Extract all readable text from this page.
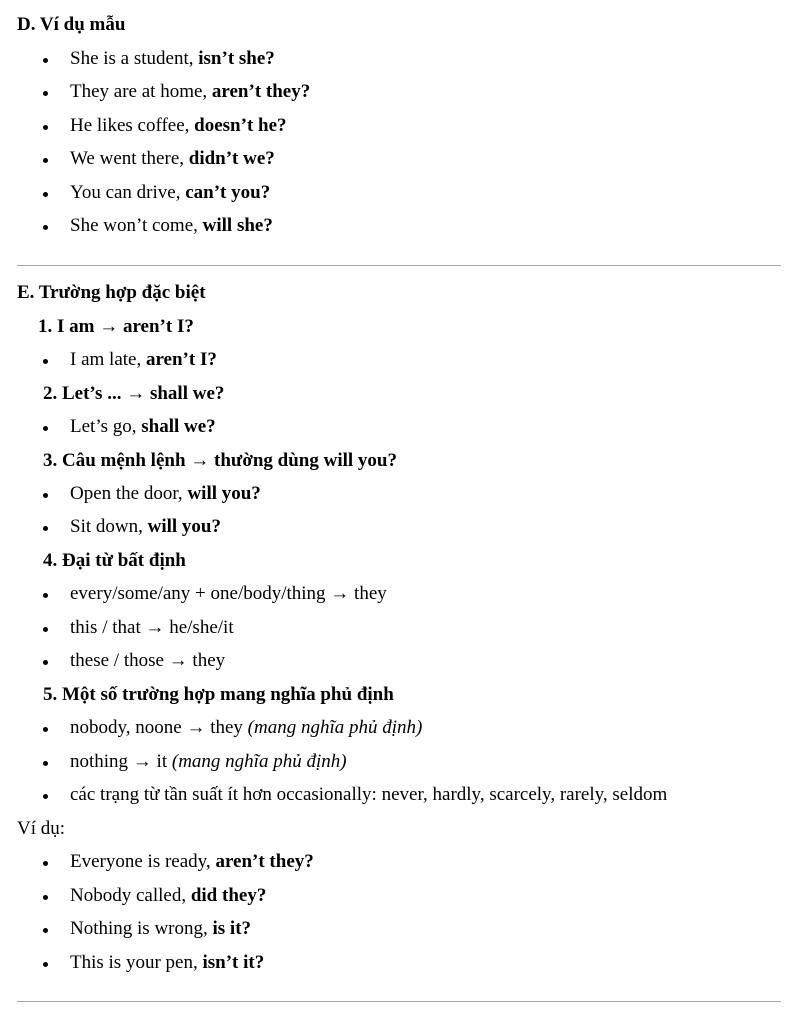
D. Ví dụ mẫu
She is a student, isn’t she?
They are at home, aren’t they?
He likes coffee, doesn’t he?
We went there, didn’t we?
You can drive, can’t you?
She won’t come, will she?
E. Trường hợp đặc biệt
1. I am → aren’t I?
I am late, aren’t I?
2. Let’s ... → shall we?
Let’s go, shall we?
3. Câu mệnh lệnh → thường dùng will you?
Open the door, will you?
Sit down, will you?
4. Đại từ bất định
every/some/any + one/body/thing → they
this / that → he/she/it
these / those → they
5. Một số trường hợp mang nghĩa phủ định
nobody, noone → they (mang nghĩa phủ định)
nothing → it (mang nghĩa phủ định)
các trạng từ tần suất ít hơn occasionally: never, hardly, scarcely, rarely, seldom
Ví dụ:
Everyone is ready, aren’t they?
Nobody called, did they?
Nothing is wrong, is it?
This is your pen, isn’t it?
